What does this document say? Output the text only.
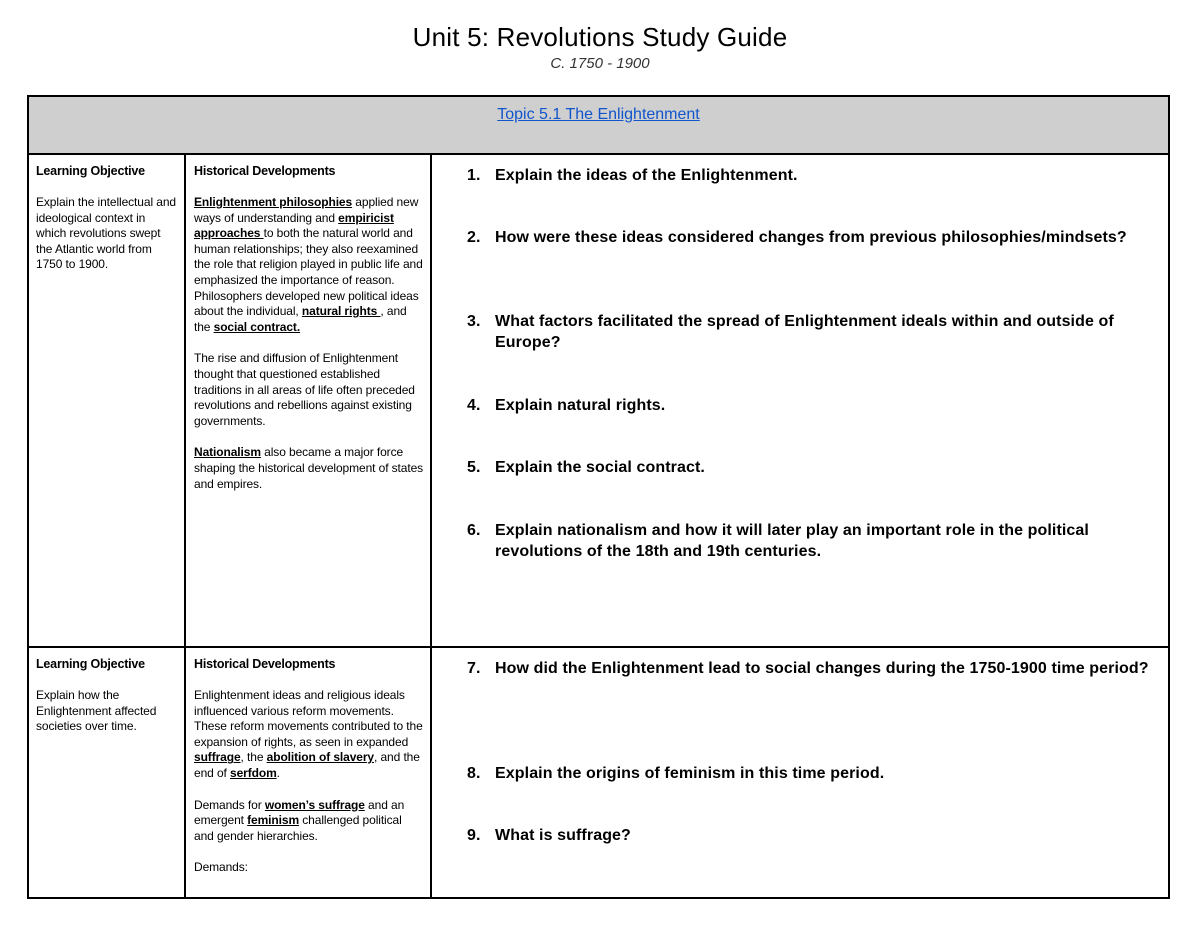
Unit 5: Revolutions Study Guide
C. 1750 - 1900
Topic 5.1 The Enlightenment
Learning Objective

Explain the intellectual and ideological context in which revolutions swept the Atlantic world from 1750 to 1900.

Historical Developments

Enlightenment philosophies applied new ways of understanding and empiricist approaches to both the natural world and human relationships; they also reexamined the role that religion played in public life and emphasized the importance of reason. Philosophers developed new political ideas about the individual, natural rights , and the social contract.

The rise and diffusion of Enlightenment thought that questioned established traditions in all areas of life often preceded revolutions and rebellions against existing governments.

Nationalism also became a major force shaping the historical development of states and empires.

1. Explain the ideas of the Enlightenment.
2. How were these ideas considered changes from previous philosophies/mindsets?
3. What factors facilitated the spread of Enlightenment ideals within and outside of Europe?
4. Explain natural rights.
5. Explain the social contract.
6. Explain nationalism and how it will later play an important role in the political revolutions of the 18th and 19th centuries.
Learning Objective

Explain how the Enlightenment affected societies over time.

Historical Developments

Enlightenment ideas and religious ideals influenced various reform movements. These reform movements contributed to the expansion of rights, as seen in expanded suffrage, the abolition of slavery, and the end of serfdom.

Demands for women’s suffrage and an emergent feminism challenged political and gender hierarchies.

Demands:

7. How did the Enlightenment lead to social changes during the 1750-1900 time period?
8. Explain the origins of feminism in this time period.
9. What is suffrage?
